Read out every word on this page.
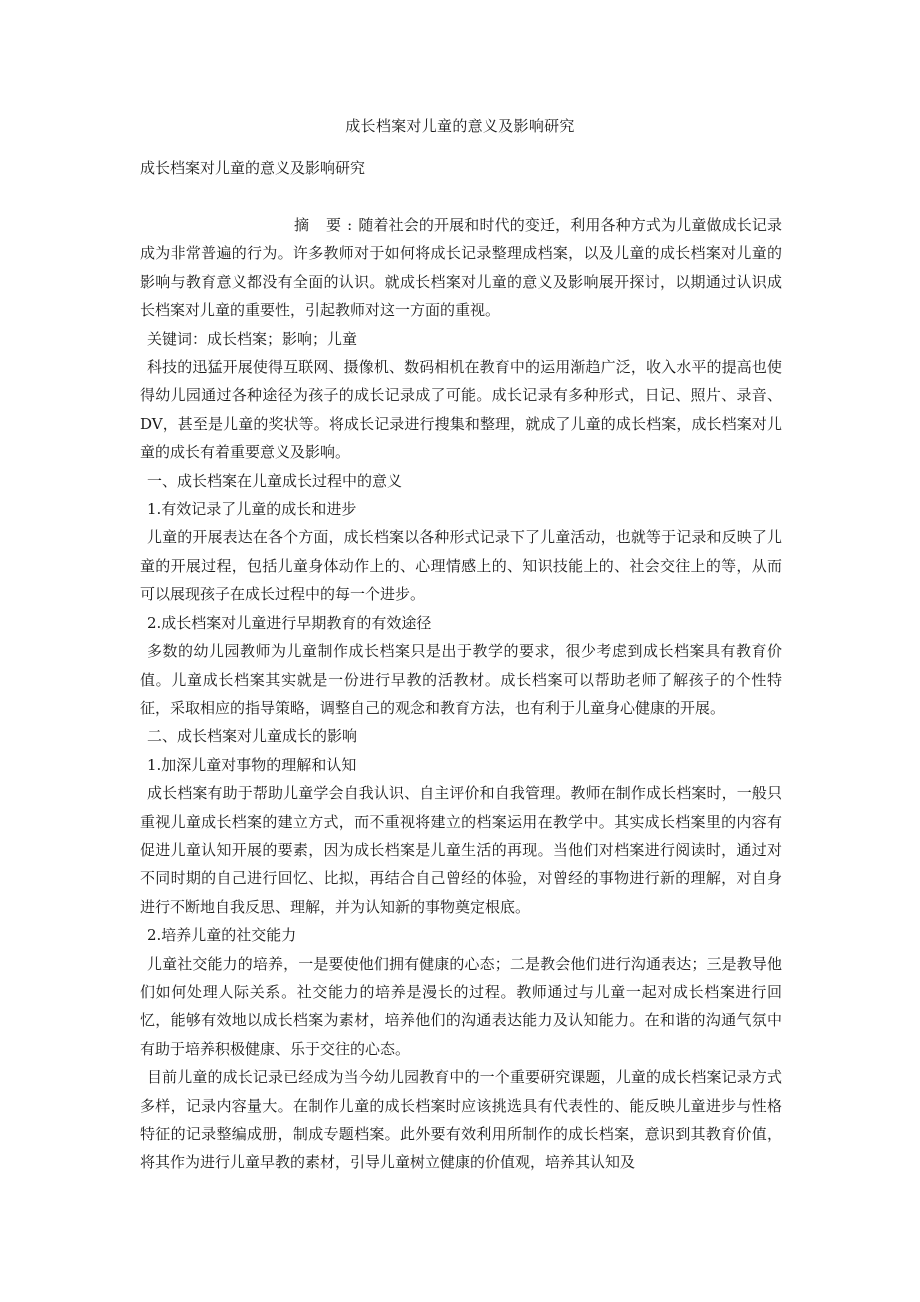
成长档案对儿童的意义及影响研究
成长档案对儿童的意义及影响研究

摘 要:随着社会的开展和时代的变迁，利用各种方式为儿童做成长记录成为非常普遍的行为。许多教师对于如何将成长记录整理成档案，以及儿童的成长档案对儿童的影响与教育意义都没有全面的认识。就成长档案对儿童的意义及影响展开探讨，以期通过认识成长档案对儿童的重要性，引起教师对这一方面的重视。

关键词：成长档案；影响；儿童

科技的迅猛开展使得互联网、摄像机、数码相机在教育中的运用渐趋广泛，收入水平的提高也使得幼儿园通过各种途径为孩子的成长记录成了可能。成长记录有多种形式，日记、照片、录音、DV，甚至是儿童的奖状等。将成长记录进行搜集和整理，就成了儿童的成长档案，成长档案对儿童的成长有着重要意义及影响。

一、成长档案在儿童成长过程中的意义

1.有效记录了儿童的成长和进步

儿童的开展表达在各个方面，成长档案以各种形式记录下了儿童活动，也就等于记录和反映了儿童的开展过程，包括儿童身体动作上的、心理情感上的、知识技能上的、社会交往上的等，从而可以展现孩子在成长过程中的每一个进步。

2.成长档案对儿童进行早期教育的有效途径

多数的幼儿园教师为儿童制作成长档案只是出于教学的要求，很少考虑到成长档案具有教育价值。儿童成长档案其实就是一份进行早教的活教材。成长档案可以帮助老师了解孩子的个性特征，采取相应的指导策略，调整自己的观念和教育方法，也有利于儿童身心健康的开展。

二、成长档案对儿童成长的影响

1.加深儿童对事物的理解和认知

成长档案有助于帮助儿童学会自我认识、自主评价和自我管理。教师在制作成长档案时，一般只重视儿童成长档案的建立方式，而不重视将建立的档案运用在教学中。其实成长档案里的内容有促进儿童认知开展的要素，因为成长档案是儿童生活的再现。当他们对档案进行阅读时，通过对不同时期的自己进行回忆、比拟，再结合自己曾经的体验，对曾经的事物进行新的理解，对自身进行不断地自我反思、理解，并为认知新的事物奠定根底。

2.培养儿童的社交能力

儿童社交能力的培养，一是要使他们拥有健康的心态；二是教会他们进行沟通表达；三是教导他们如何处理人际关系。社交能力的培养是漫长的过程。教师通过与儿童一起对成长档案进行回忆，能够有效地以成长档案为素材，培养他们的沟通表达能力及认知能力。在和谐的沟通气氛中有助于培养积极健康、乐于交往的心态。

目前儿童的成长记录已经成为当今幼儿园教育中的一个重要研究课题，儿童的成长档案记录方式多样，记录内容量大。在制作儿童的成长档案时应该挑选具有代表性的、能反映儿童进步与性格特征的记录整编成册，制成专题档案。此外要有效利用所制作的成长档案，意识到其教育价值，将其作为进行儿童早教的素材，引导儿童树立健康的价值观，培养其认知及
